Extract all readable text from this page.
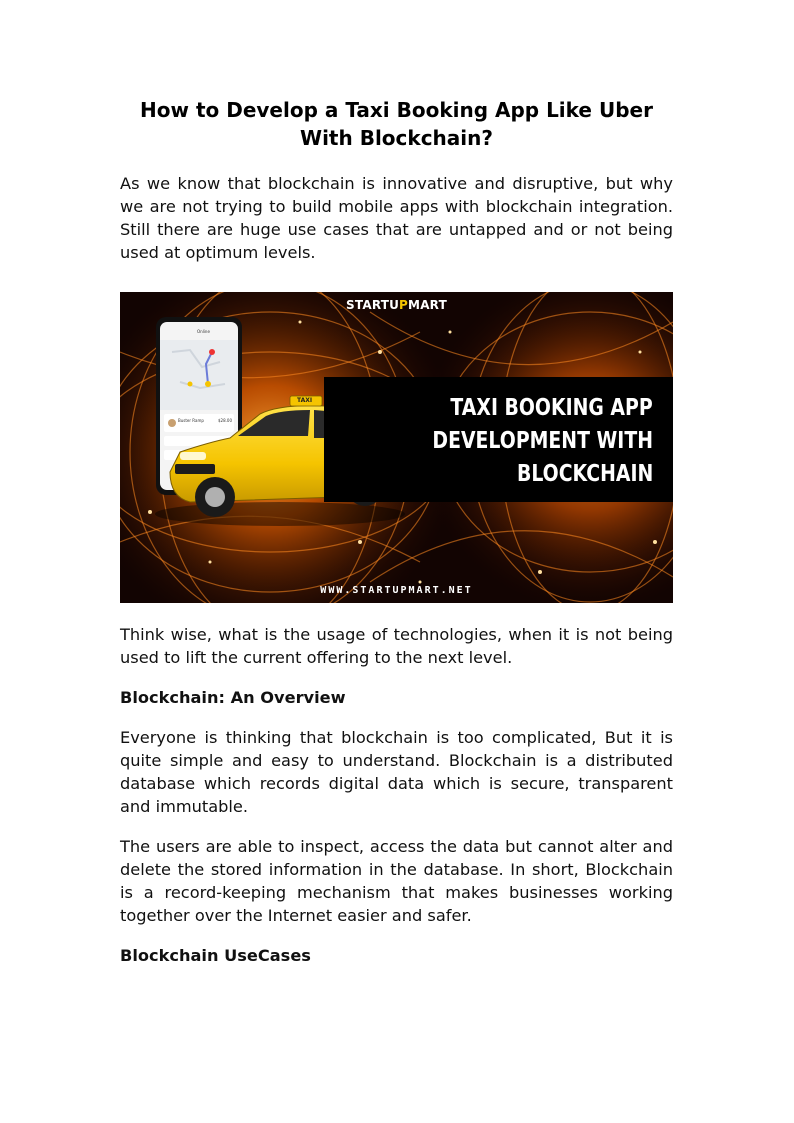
How to Develop a Taxi Booking App Like Uber With Blockchain?

As we know that blockchain is innovative and disruptive, but why we are not trying to build mobile apps with blockchain integration. Still there are huge use cases that are untapped and or not being used at optimum levels.

STARTUPMART
Online
Buster Ramp	$28.00
TAXI	TAXI BOOKING APP
DEVELOPMENT WITH
BLOCKCHAIN
WWW.STARTUPMART.NET

Think wise, what is the usage of technologies, when it is not being used to lift the current offering to the next level.

Blockchain: An Overview

Everyone is thinking that blockchain is too complicated, But it is quite simple and easy to understand. Blockchain is a distributed database which records digital data which is secure, transparent and immutable.

The users are able to inspect, access the data but cannot alter and delete the stored information in the database. In short, Blockchain is a record-keeping mechanism that makes businesses working together over the Internet easier and safer.

Blockchain UseCases
